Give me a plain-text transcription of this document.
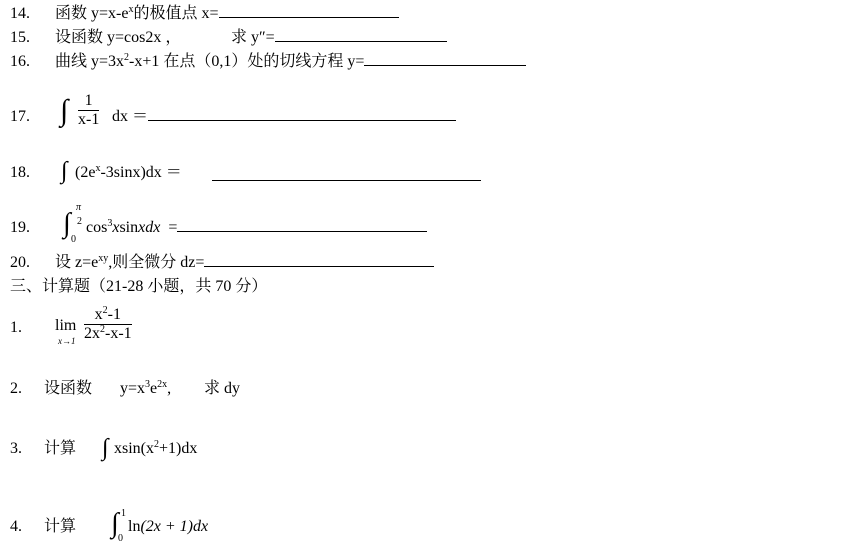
14. 函数 $y=x-e^x$的极值点 x=
15. 设函数 y=cos2x ，	求 y″=
16. 曲线 $y=3x^2-x+1$ 在点（0,1）处的切线方程 y=
17. ∫ $\frac{1}{x-1}$ dx ＝
18. ∫ $(2e^x-3\sin x)dx$ ＝
19. ∫
π
2
0
$\cos^3xsinxdx$ =
20. 设 $z=e^{xy}$,则全微分 dz=
三、计算题（21-28 小题，共 70 分）
1. lim
$x\to 1 \frac{x^2-1}{2x^2-x-1}$
2. 设函数 $y=x^3e^{2x}$, 求 dy
3. 计算 $xsin(x^2+1)dx$
∫
4. 计算	ln(2x + 1)dx
∫ 1
0
